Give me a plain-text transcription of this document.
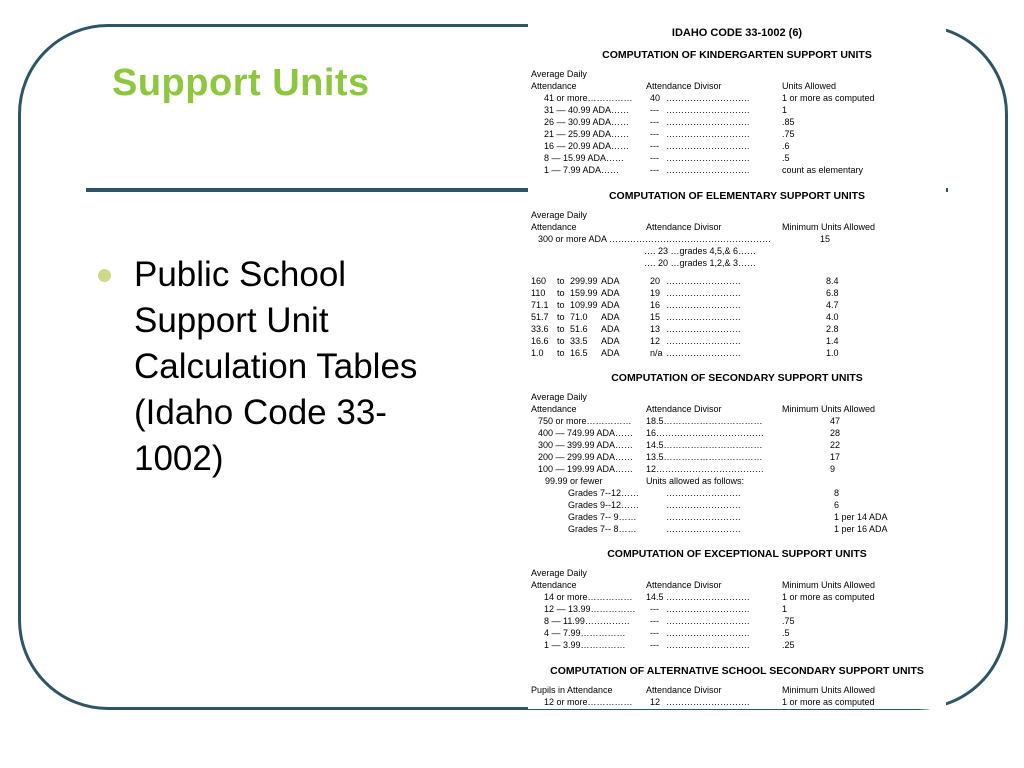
Support Units
Public School Support Unit Calculation Tables (Idaho Code 33-1002)
IDAHO CODE 33-1002 (6)
COMPUTATION OF KINDERGARTEN SUPPORT UNITS
Average Daily
Attendance	Attendance Divisor	Units Allowed
41 or more…………… 40 ……………………….	1 or more as computed
31 — 40.99 ADA…… --- ……………………….	1
26 — 30.99 ADA…… --- ……………………….	.85
21 — 25.99 ADA…… --- ……………………….	.75
16 — 20.99 ADA…… --- ……………………….	.6
8 — 15.99 ADA……	--- ……………………….	.5
1 — 7.99 ADA……	--- ……………………….	count as elementary
COMPUTATION OF ELEMENTARY SUPPORT UNITS
Average Daily
Attendance	Attendance Divisor	Minimum Units Allowed
300 or more ADA ………………………………………………	15
…. 23 …grades 4,5,& 6……
…. 20 …grades 1,2,& 3……
160 to 299.99 ADA	20 …………………….	8.4
110 to 159.99 ADA	19 …………………….	6.8
71.1 to 109.99 ADA	16 …………………….	4.7
51.7 to 71.0 ADA	15 …………………….	4.0
33.6 to 51.6 ADA	13 …………………….	2.8
16.6 to 33.5 ADA	12 …………………….	1.4
1.0 to 16.5 ADA	n/a …………………….	1.0
COMPUTATION OF SECONDARY SUPPORT UNITS
Average Daily
Attendance	Attendance Divisor	Minimum Units Allowed
750 or more…………… 18.5……………………………	47
400 — 749.99 ADA…… 16………………………………	28
300 — 399.99 ADA…… 14.5……………………………	22
200 — 299.99 ADA…… 13.5……………………………	17
100 — 199.99 ADA…… 12………………………………	9
99.99 or fewer	Units allowed as follows:
Grades 7--12……	…………………….	8
Grades 9--12……	…………………….	6
Grades 7-- 9……	…………………….	1 per 14 ADA
Grades 7-- 8……	…………………….	1 per 16 ADA
COMPUTATION OF EXCEPTIONAL SUPPORT UNITS
Average Daily
Attendance	Attendance Divisor	Minimum Units Allowed
14 or more…………… 14.5 ……………………….	1 or more as computed
12 — 13.99…………… --- ……………………….	1
8 — 11.99…………… --- ……………………….	.75
4 — 7.99……………	--- ……………………….	.5
1 — 3.99……………	--- ……………………….	.25
COMPUTATION OF ALTERNATIVE SCHOOL SECONDARY SUPPORT UNITS
Pupils in Attendance	Attendance Divisor	Minimum Units Allowed
12 or more…………… 12 ……………………….	1 or more as computed
